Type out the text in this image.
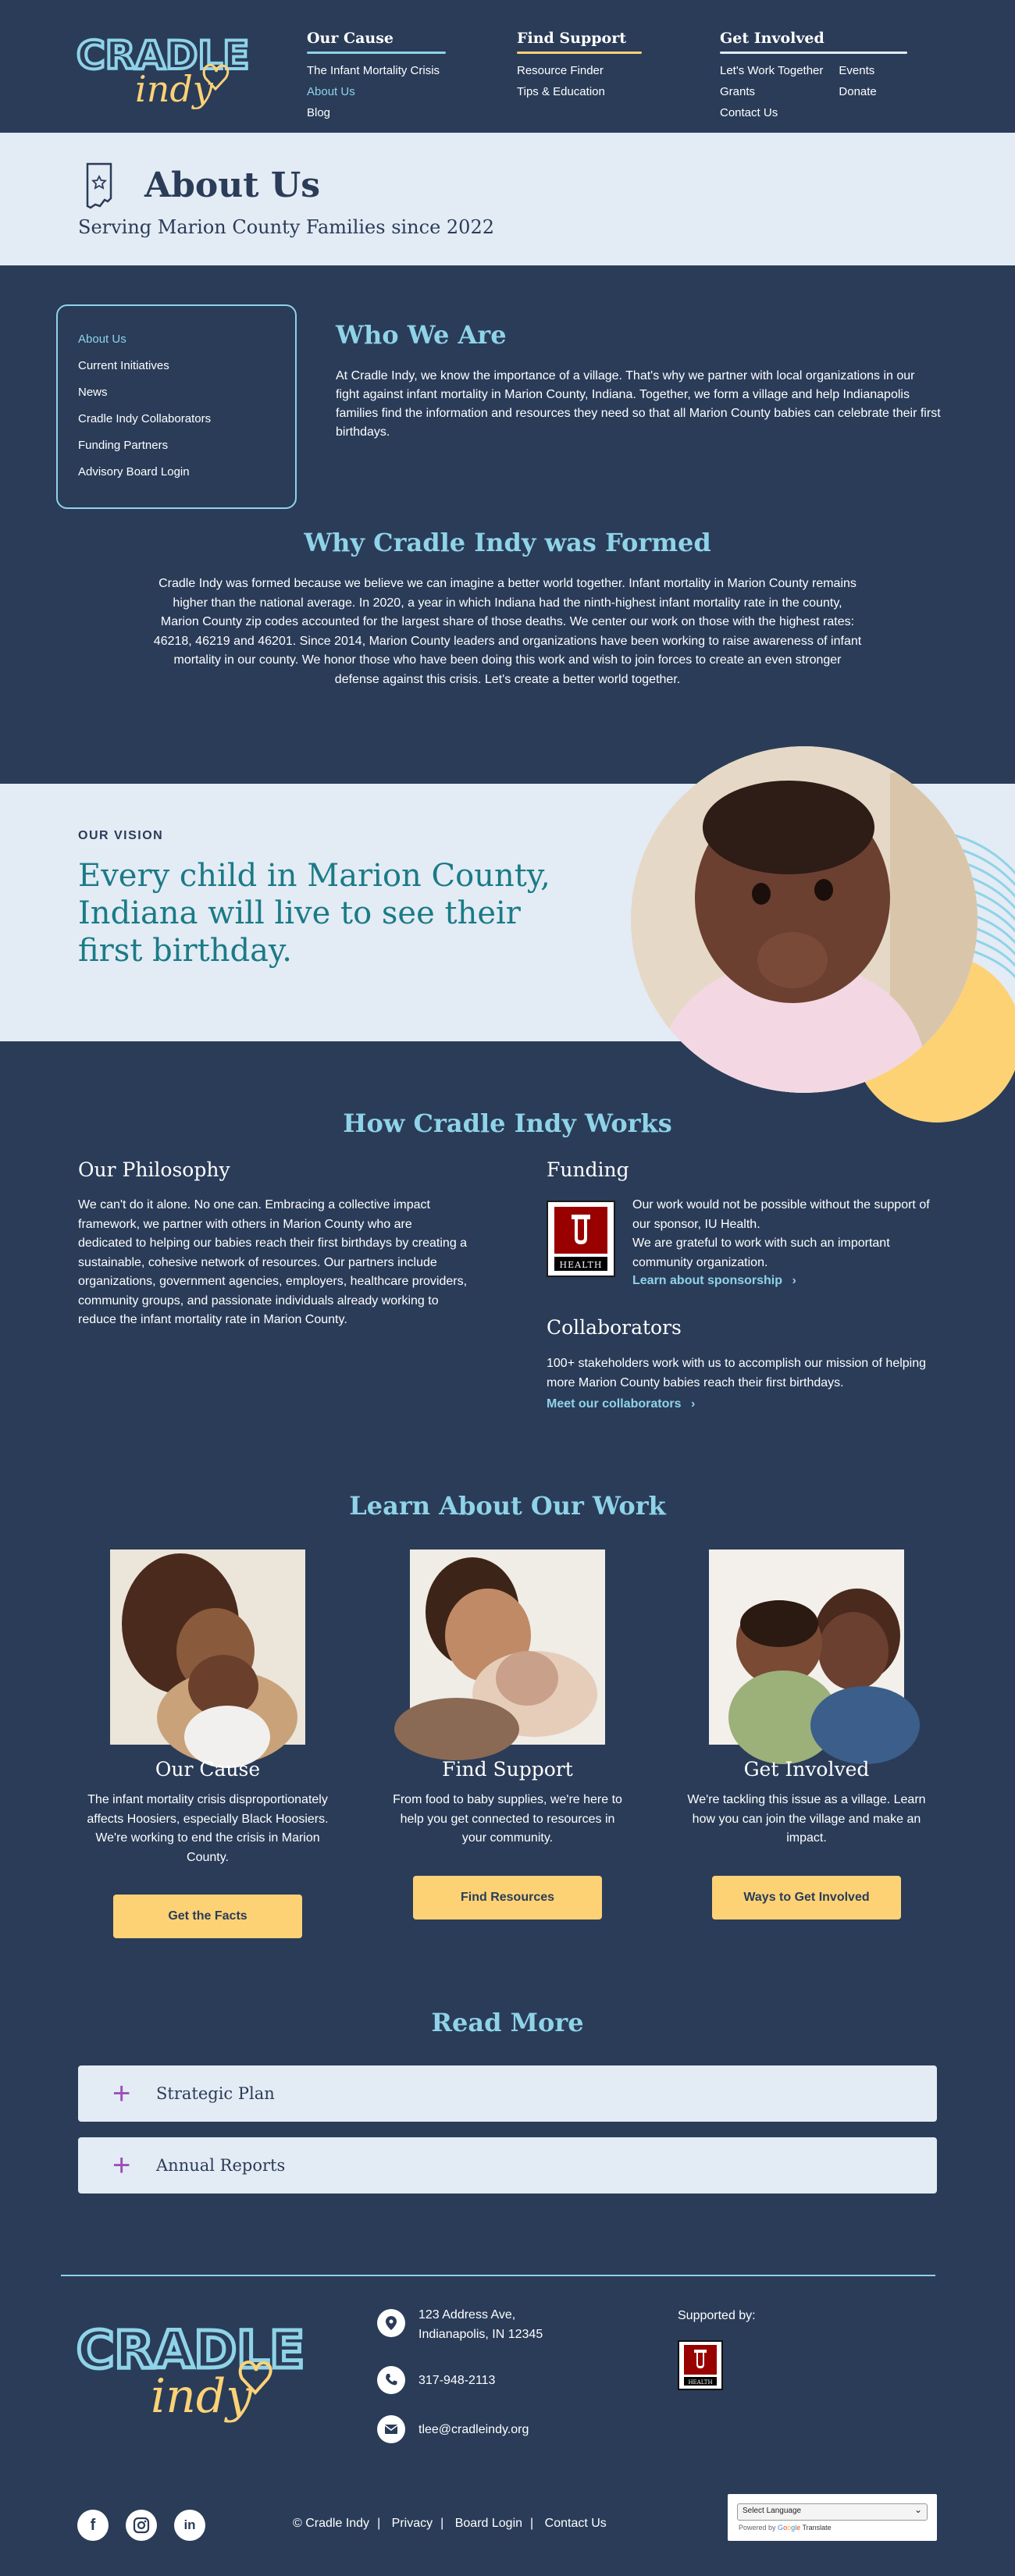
CRADLE
indy
Our Cause
The Infant Mortality Crisis
About Us
Blog
Find Support
Resource Finder
Tips & Education
Get Involved
Let's Work Together
Grants
Contact Us
Events
Donate
About Us
Serving Marion County Families since 2022
About Us
Current Initiatives
News
Cradle Indy Collaborators
Funding Partners
Advisory Board Login
Who We Are
At Cradle Indy, we know the importance of a village. That's why we partner with local organizations in our fight against infant mortality in Marion County, Indiana. Together, we form a village and help Indianapolis families find the information and resources they need so that all Marion County babies can celebrate their first birthdays.
Why Cradle Indy was Formed
Cradle Indy was formed because we believe we can imagine a better world together. Infant mortality in Marion County remains higher than the national average. In 2020, a year in which Indiana had the ninth-highest infant mortality rate in the county, Marion County zip codes accounted for the largest share of those deaths. We center our work on those with the highest rates: 46218, 46219 and 46201. Since 2014, Marion County leaders and organizations have been working to raise awareness of infant mortality in our county. We honor those who have been doing this work and wish to join forces to create an even stronger defense against this crisis. Let's create a better world together.
OUR VISION
Every child in Marion County, Indiana will live to see their first birthday.
How Cradle Indy Works
Our Philosophy
We can't do it alone. No one can. Embracing a collective impact framework, we partner with others in Marion County who are dedicated to helping our babies reach their first birthdays by creating a sustainable, cohesive network of resources. Our partners include organizations, government agencies, employers, healthcare providers, community groups, and passionate individuals already working to reduce the infant mortality rate in Marion County.
Funding
HEALTH
Our work would not be possible without the support of our sponsor, IU Health.
We are grateful to work with such an important community organization.
Learn about sponsorship ›
Collaborators
100+ stakeholders work with us to accomplish our mission of helping more Marion County babies reach their first birthdays.
Meet our collaborators ›
Learn About Our Work
Our Cause	Find Support	Get Involved
The infant mortality crisis disproportionately affects Hoosiers, especially Black Hoosiers. We're working to end the crisis in Marion County.
From food to baby supplies, we're here to help you get connected to resources in your community.
We're tackling this issue as a village. Learn how you can join the village and make an impact.
Get the Facts
Find Resources	Ways to Get Involved
Read More
+	Strategic Plan
+	Annual Reports
CRADLE
indy
123 Address Ave,
Indianapolis, IN 12345
317-948-2113
tlee@cradleindy.org
Supported by:
HEALTH
f	in	© Cradle Indy | Privacy | Board Login | Contact Us
Select Language ⌄
Powered by Google Translate
